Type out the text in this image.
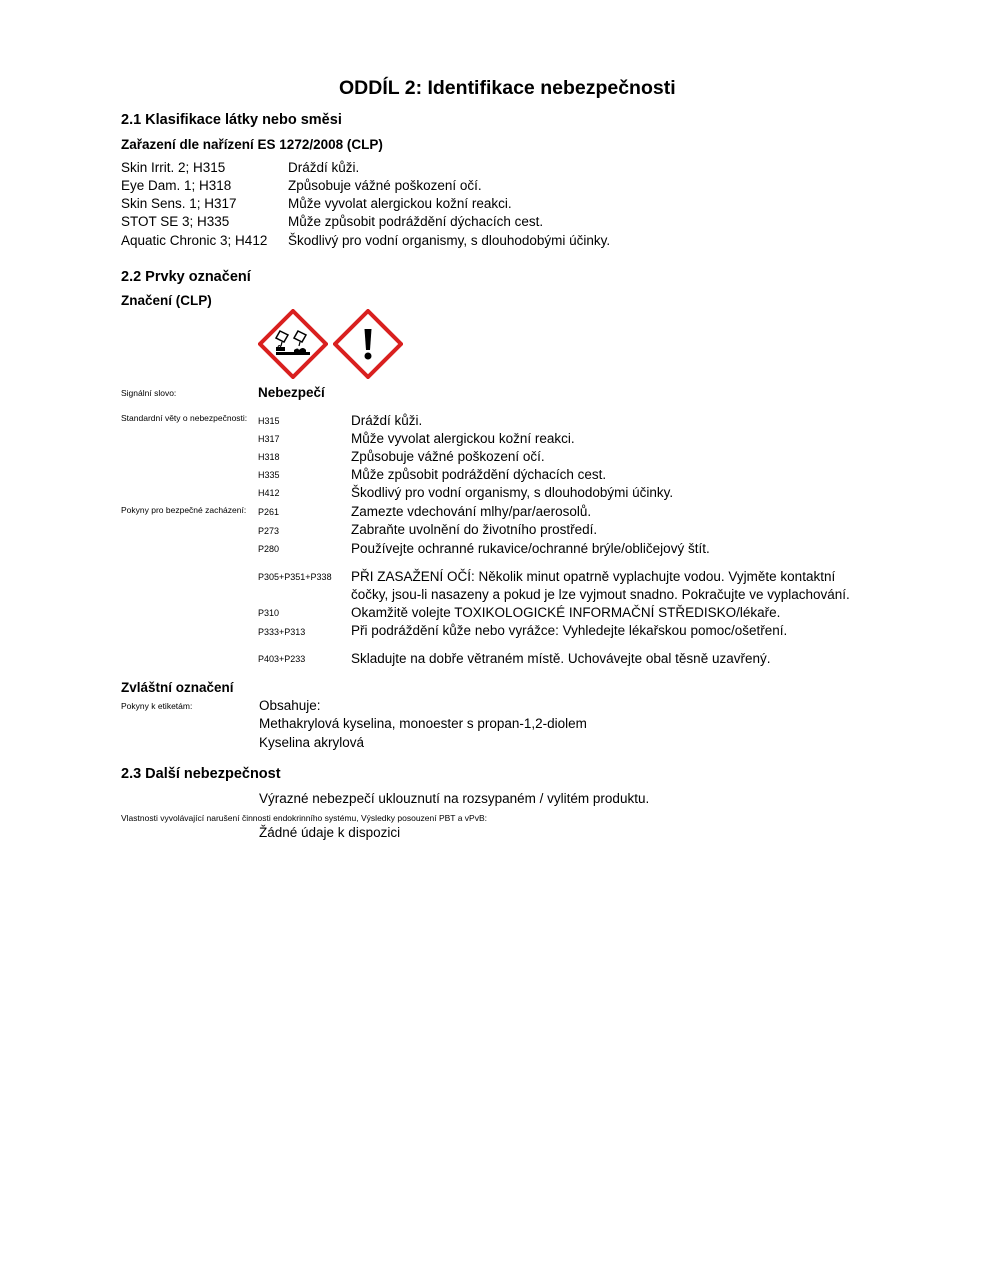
ODDÍL 2: Identifikace nebezpečnosti
2.1 Klasifikace látky nebo směsi
Zařazení dle nařízení ES 1272/2008 (CLP)
Skin Irrit. 2; H315	Dráždí kůži.
Eye Dam. 1; H318	Způsobuje vážné poškození očí.
Skin Sens. 1; H317	Může vyvolat alergickou kožní reakci.
STOT SE 3; H335	Může způsobit podráždění dýchacích cest.
Aquatic Chronic 3; H412 Škodlivý pro vodní organismy, s dlouhodobými účinky.
2.2 Prvky označení
Značení (CLP)
Signální slovo:	Nebezpečí
Standardní věty o nebezpečnosti: H315	Dráždí kůži.
H317	Může vyvolat alergickou kožní reakci.
H318	Způsobuje vážné poškození očí.
H335	Může způsobit podráždění dýchacích cest.
H412	Škodlivý pro vodní organismy, s dlouhodobými účinky.
Pokyny pro bezpečné zacházení: P261	Zamezte vdechování mlhy/par/aerosolů.
P273	Zabraňte uvolnění do životního prostředí.
P280	Používejte ochranné rukavice/ochranné brýle/obličejový štít.
P305+P351+P338 PŘI ZASAŽENÍ OČÍ: Několik minut opatrně vyplachujte vodou. Vyjměte kontaktní
čočky, jsou-li nasazeny a pokud je lze vyjmout snadno. Pokračujte ve vyplachování.
P310	Okamžitě volejte TOXIKOLOGICKÉ INFORMAČNÍ STŘEDISKO/lékaře.
P333+P313	Při podráždění kůže nebo vyrážce: Vyhledejte lékařskou pomoc/ošetření.
P403+P233	Skladujte na dobře větraném místě. Uchovávejte obal těsně uzavřený.
Zvláštní označení
Pokyny k etiketám:	Obsahuje:
Methakrylová kyselina, monoester s propan-1,2-diolem
Kyselina akrylová
2.3 Další nebezpečnost
Výrazné nebezpečí uklouznutí na rozsypaném / vylitém produktu.
Vlastnosti vyvolávající narušení činnosti endokrinního systému, Výsledky posouzení PBT a vPvB:
Žádné údaje k dispozici
